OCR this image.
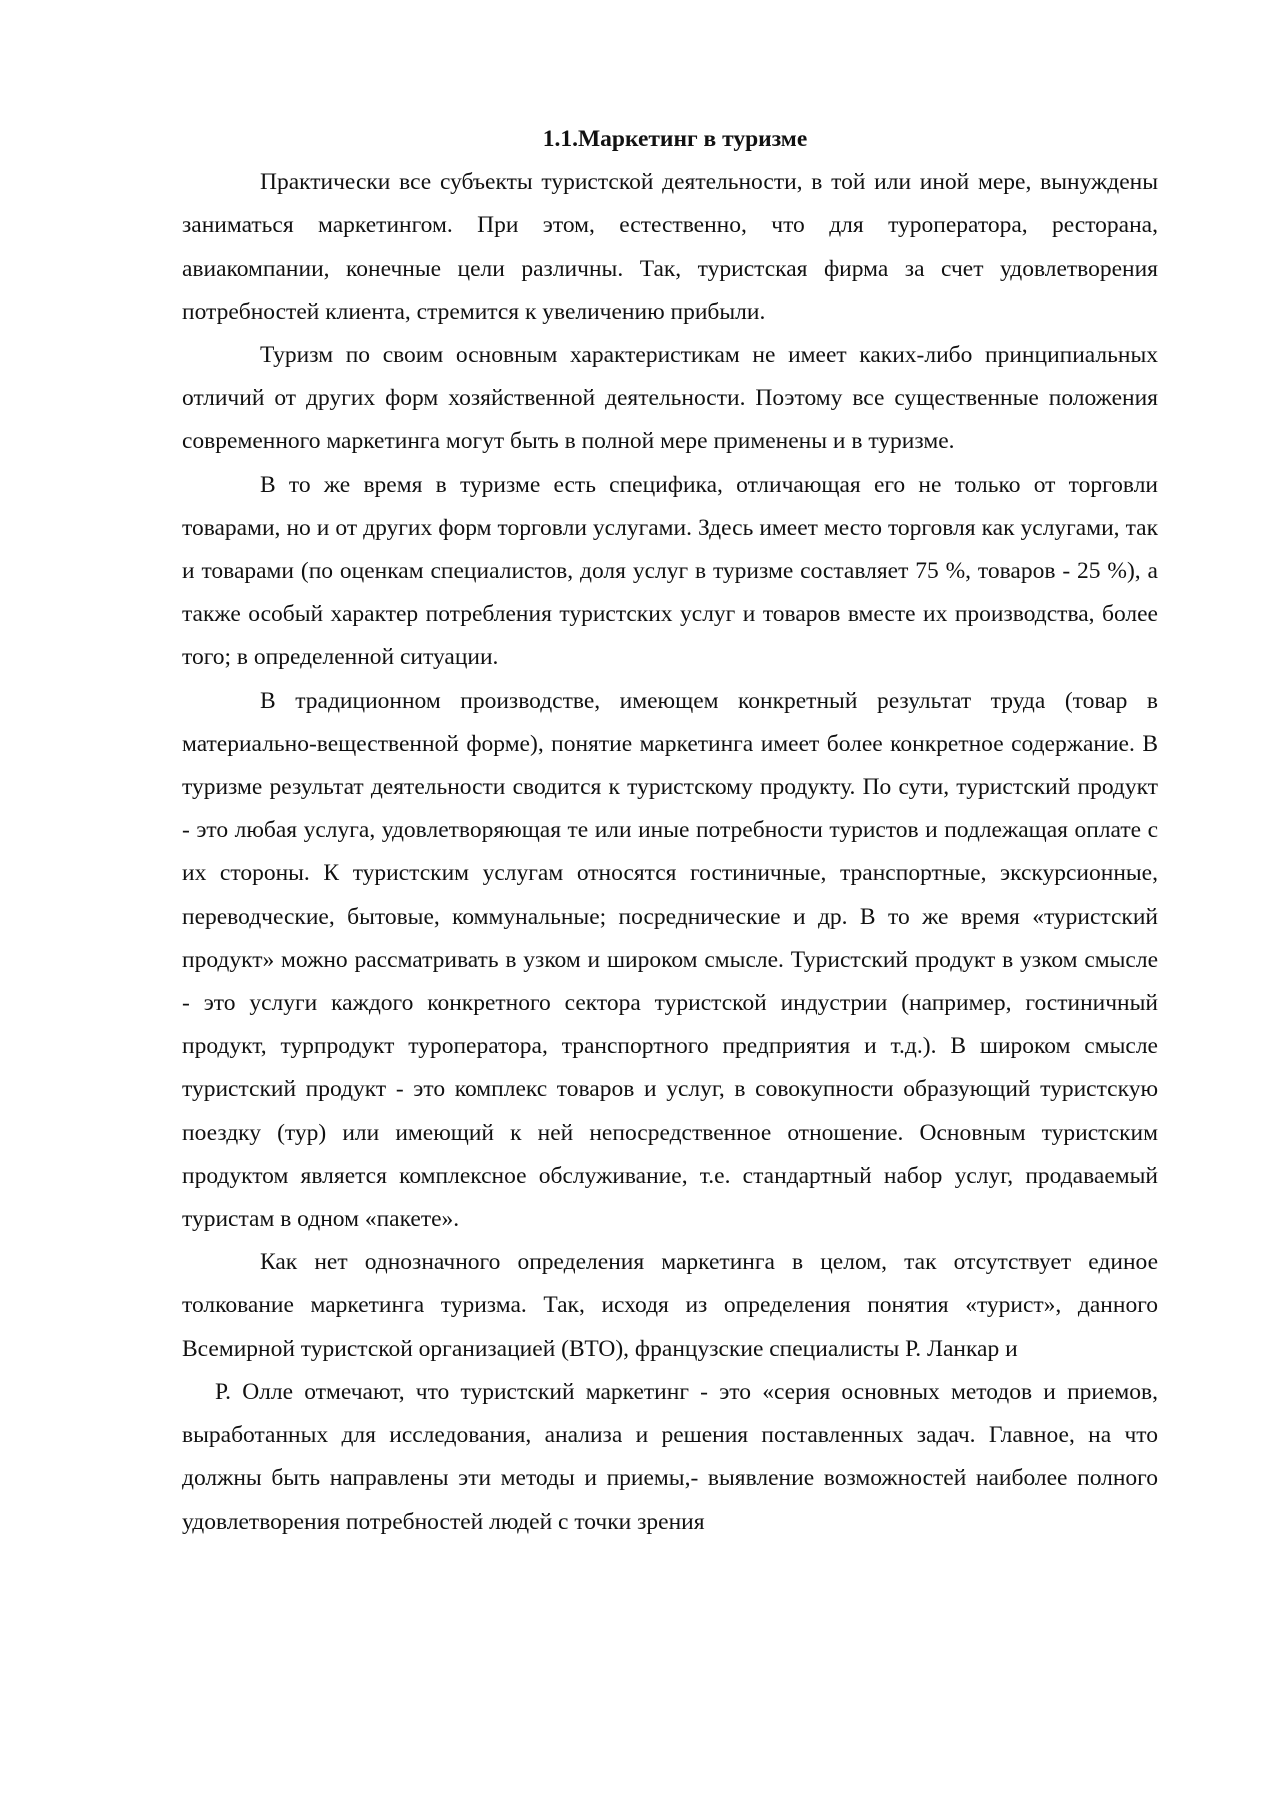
1.1.Маркетинг в туризме

Практически все субъекты туристской деятельности, в той или иной мере, вынуждены заниматься маркетингом. При этом, естественно, что для туроператора, ресторана, авиакомпании, конечные цели различны. Так, туристская фирма за счет удовлетворения потребностей клиента, стремится к увеличению прибыли.

Туризм по своим основным характеристикам не имеет каких-либо принципиальных отличий от других форм хозяйственной деятельности. Поэтому все существенные положения современного маркетинга могут быть в полной мере применены и в туризме.

В то же время в туризме есть специфика, отличающая его не только от торговли товарами, но и от других форм торговли услугами. Здесь имеет место торговля как услугами, так и товарами (по оценкам специалистов, доля услуг в туризме составляет 75 %, товаров - 25 %), а также особый характер потребления туристских услуг и товаров вместе их производства, более того; в определенной ситуации.

В традиционном производстве, имеющем конкретный результат труда (товар в материально-вещественной форме), понятие маркетинга имеет более конкретное содержание. В туризме результат деятельности сводится к туристскому продукту. По сути, туристский продукт - это любая услуга, удовлетворяющая те или иные потребности туристов и подлежащая оплате с их стороны. К туристским услугам относятся гостиничные, транспортные, экскурсионные, переводческие, бытовые, коммунальные; посреднические и др. В то же время «туристский продукт» можно рассматривать в узком и широком смысле. Туристский продукт в узком смысле - это услуги каждого конкретного сектора туристской индустрии (например, гостиничный продукт, турпродукт туроператора, транспортного предприятия и т.д.). В широком смысле туристский продукт - это комплекс товаров и услуг, в совокупности образующий туристскую поездку (тур) или имеющий к ней непосредственное отношение. Основным туристским продуктом является комплексное обслуживание, т.е. стандартный набор услуг, продаваемый туристам в одном «пакете».

Как нет однозначного определения маркетинга в целом, так отсутствует единое толкование маркетинга туризма. Так, исходя из определения понятия «турист», данного Всемирной туристской организацией (ВТО), французские специалисты Р. Ланкар и

Р. Олле отмечают, что туристский маркетинг - это «серия основных методов и приемов, выработанных для исследования, анализа и решения поставленных задач. Главное, на что должны быть направлены эти методы и приемы,- выявление возможностей наиболее полного удовлетворения потребностей людей с точки зрения
